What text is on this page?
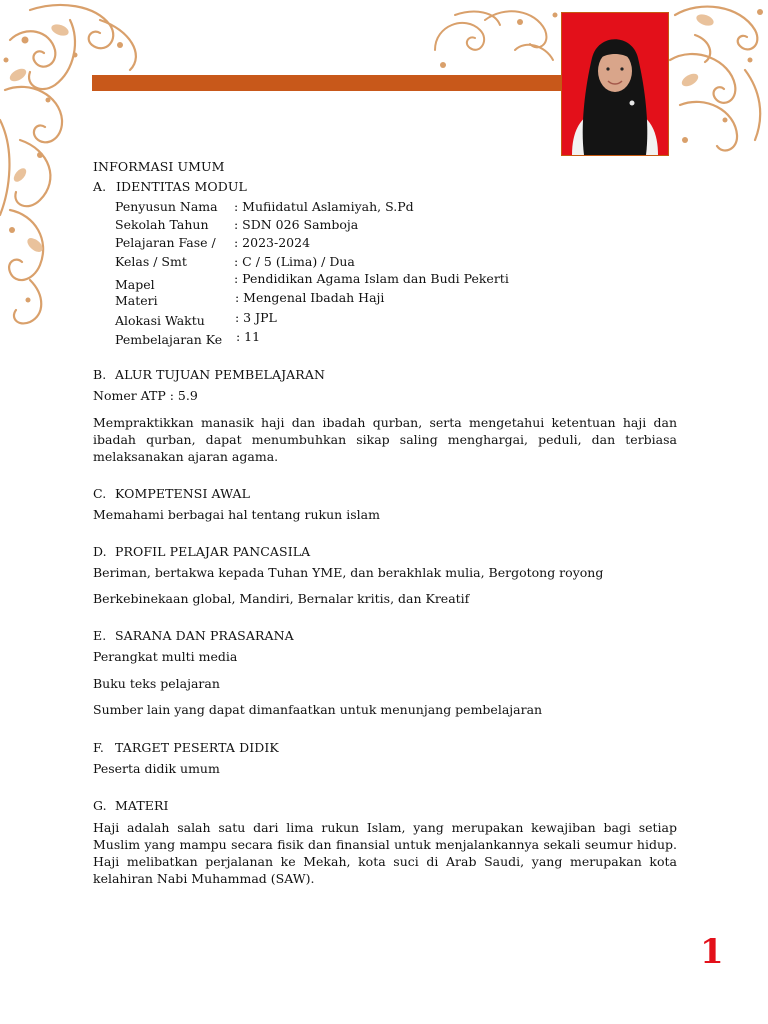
INFORMASI UMUM
A. IDENTITAS MODUL
Penyusun Nama
Sekolah Tahun
Pelajaran Fase /
Kelas / Smt
Mapel
Materi
Alokasi Waktu
Pembelajaran Ke
: Mufiidatul Aslamiyah, S.Pd
: SDN 026 Samboja
: 2023-2024
: C / 5 (Lima) / Dua
: Pendidikan Agama Islam dan Budi Pekerti
: Mengenal Ibadah Haji
: 3 JPL
: 11
B. ALUR TUJUAN PEMBELAJARAN
Nomer ATP : 5.9
Mempraktikkan manasik haji dan ibadah qurban, serta mengetahui ketentuan haji dan ibadah qurban, dapat menumbuhkan sikap saling menghargai, peduli, dan terbiasa melaksanakan ajaran agama.
C. KOMPETENSI AWAL
Memahami berbagai hal tentang rukun islam
D. PROFIL PELAJAR PANCASILA
Beriman, bertakwa kepada Tuhan YME, dan berakhlak mulia, Bergotong royong
Berkebinekaan global, Mandiri, Bernalar kritis, dan Kreatif
E. SARANA DAN PRASARANA
Perangkat multi media
Buku teks pelajaran
Sumber lain yang dapat dimanfaatkan untuk menunjang pembelajaran
F. TARGET PESERTA DIDIK
Peserta didik umum
G. MATERI
Haji adalah salah satu dari lima rukun Islam, yang merupakan kewajiban bagi setiap Muslim yang mampu secara fisik dan finansial untuk menjalankannya sekali seumur hidup. Haji melibatkan perjalanan ke Mekah, kota suci di Arab Saudi, yang merupakan kota kelahiran Nabi Muhammad (SAW).
1
